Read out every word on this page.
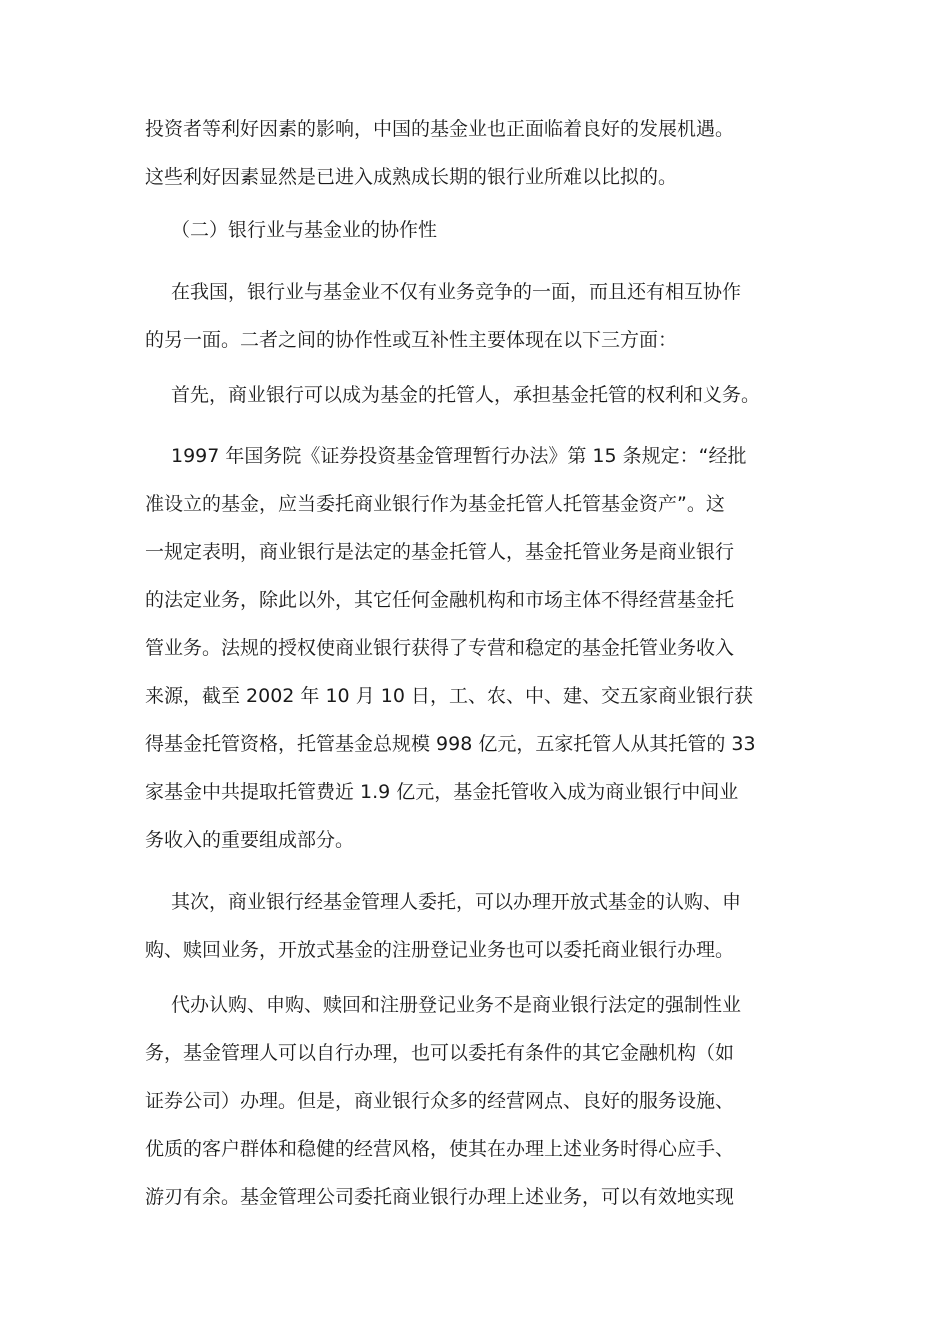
投资者等利好因素的影响，中国的基金业也正面临着良好的发展机遇。

这些利好因素显然是已进入成熟成长期的银行业所难以比拟的。

（二）银行业与基金业的协作性

在我国，银行业与基金业不仅有业务竞争的一面，而且还有相互协作

的另一面。二者之间的协作性或互补性主要体现在以下三方面：

首先，商业银行可以成为基金的托管人，承担基金托管的权利和义务。

1997 年国务院《证券投资基金管理暂行办法》第 15 条规定：“经批

准设立的基金，应当委托商业银行作为基金托管人托管基金资产”。这

一规定表明，商业银行是法定的基金托管人，基金托管业务是商业银行

的法定业务，除此以外，其它任何金融机构和市场主体不得经营基金托

管业务。法规的授权使商业银行获得了专营和稳定的基金托管业务收入

来源，截至 2002 年 10 月 10 日，工、农、中、建、交五家商业银行获

得基金托管资格，托管基金总规模 998 亿元，五家托管人从其托管的 33

家基金中共提取托管费近 1.9 亿元，基金托管收入成为商业银行中间业

务收入的重要组成部分。

其次，商业银行经基金管理人委托，可以办理开放式基金的认购、申

购、赎回业务，开放式基金的注册登记业务也可以委托商业银行办理。

代办认购、申购、赎回和注册登记业务不是商业银行法定的强制性业

务，基金管理人可以自行办理，也可以委托有条件的其它金融机构（如

证券公司）办理。但是，商业银行众多的经营网点、良好的服务设施、

优质的客户群体和稳健的经营风格，使其在办理上述业务时得心应手、

游刃有余。基金管理公司委托商业银行办理上述业务，可以有效地实现
